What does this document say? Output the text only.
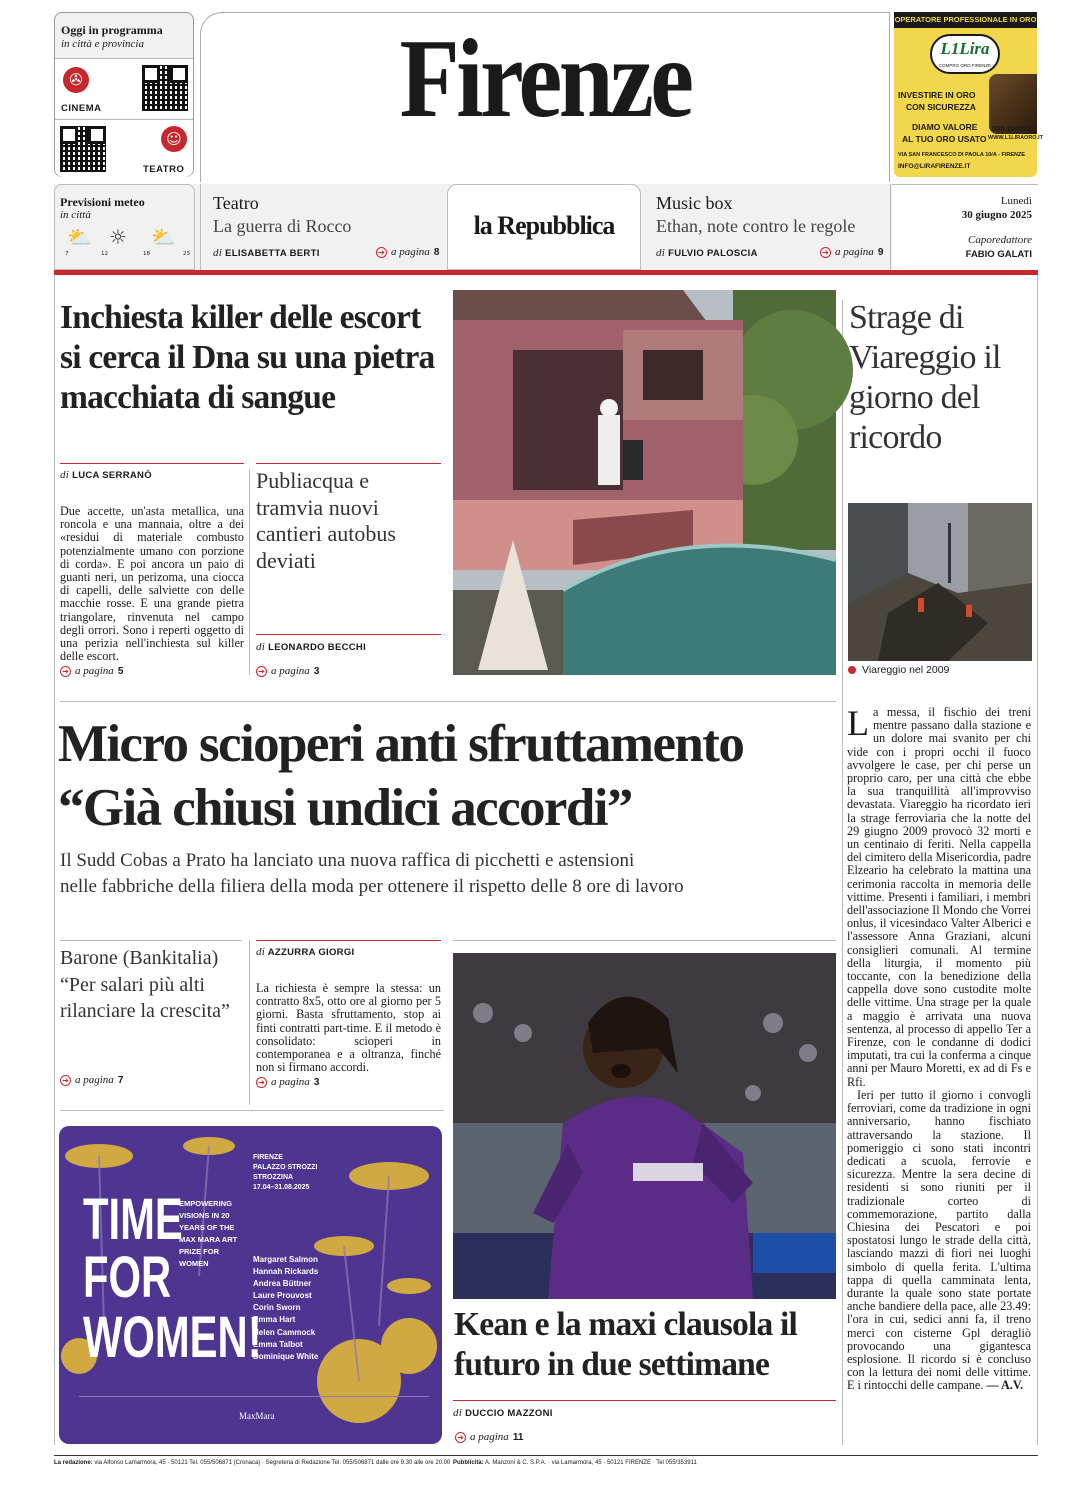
Oggi in programma
in città e provincia
✇
CINEMA
☺
TEATRO
Firenze	OPERATORE PROFESSIONALE IN ORO
L1Lira
COMPRO ORO FIRENZE
INVESTIRE IN ORO
CON SICUREZZA
DIAMO VALORE
AL TUO ORO USATO
055 224112
WWW.L1LIRAORO.IT
VIA SAN FRANCESCO DI PAOLA 10/A - FIRENZE
INFO@LIRAFIRENZE.IT
Previsioni meteo
in città
⛅ ☼ ⛅
7	12	18	23
Teatro
La guerra di Rocco
di ELISABETTA BERTI	➔ a pagina 8
la Repubblica
Music box
Ethan, note contro le regole
di FULVIO PALOSCIA	➔ a pagina 9
Lunedì
30 giugno 2025
Caporedattore
FABIO GALATI
Inchiesta killer delle escort si cerca il Dna su una pietra macchiata di sangue
di LUCA SERRANÒ
Due accette, un'asta metallica, una roncola e una mannaia, oltre a dei «residui di materiale combusto potenzialmente umano con porzione di corda». E poi ancora un paio di guanti neri, un perizoma, una ciocca di capelli, delle salviette con delle macchie rosse. E una grande pietra triangolare, rinvenuta nel campo degli orrori. Sono i reperti oggetto di una perizia nell'inchiesta sul killer delle escort.
➔ a pagina 5
Publiacqua e tramvia nuovi cantieri autobus deviati
di LEONARDO BECCHI
➔ a pagina 3
Strage di Viareggio il giorno del ricordo
Viareggio nel 2009
L a messa, il fischio dei treni mentre passano dalla stazione e un dolore mai svanito per chi vide con i propri occhi il fuoco avvolgere le case, per chi perse un proprio caro, per una città che ebbe la sua tranquillità all'improvviso devastata. Viareggio ha ricordato ieri la strage ferroviaria che la notte del 29 giugno 2009 provocò 32 morti e un centinaio di feriti. Nella cappella del cimitero della Misericordia, padre Elzeario ha celebrato la mattina una cerimonia raccolta in memoria delle vittime. Presenti i familiari, i membri dell'associazione Il Mondo che Vorrei onlus, il vicesindaco Valter Alberici e l'assessore Anna Graziani, alcuni consiglieri comunali. Al termine della liturgia, il momento più toccante, con la benedizione della cappella dove sono custodite molte delle vittime. Una strage per la quale a maggio è arrivata una nuova sentenza, al processo di appello Ter a Firenze, con le condanne di dodici imputati, tra cui la conferma a cinque anni per Mauro Moretti, ex ad di Fs e Rfi.
Ieri per tutto il giorno i convogli ferroviari, come da tradizione in ogni anniversario, hanno fischiato attraversando la stazione. Il pomeriggio ci sono stati incontri dedicati a scuola, ferrovie e sicurezza. Mentre la sera decine di residenti si sono riuniti per il tradizionale corteo di commemorazione, partito dalla Chiesina dei Pescatori e poi spostatosi lungo le strade della città, lasciando mazzi di fiori nei luoghi simbolo di quella ferita. L'ultima tappa di quella camminata lenta, durante la quale sono state portate anche bandiere della pace, alle 23.49: l'ora in cui, sedici anni fa, il treno merci con cisterne Gpl deragliò provocando una gigantesca esplosione. Il ricordo si è concluso con la lettura dei nomi delle vittime. E i rintocchi delle campane. — A.V.
Micro scioperi anti sfruttamento
“Già chiusi undici accordi”
Il Sudd Cobas a Prato ha lanciato una nuova raffica di picchetti e astensioni
nelle fabbriche della filiera della moda per ottenere il rispetto delle 8 ore di lavoro
Barone (Bankitalia) “Per salari più alti rilanciare la crescita”
➔ a pagina 7
di AZZURRA GIORGI
La richiesta è sempre la stessa: un contratto 8x5, otto ore al giorno per 5 giorni. Basta sfruttamento, stop ai finti contratti part-time. E il metodo è consolidato: scioperi in contemporanea e a oltranza, finché non si firmano accordi.
➔ a pagina 3
FIRENZE
PALAZZO STROZZI
STROZZINA
17.04–31.08.2025
TIME
FOR
WOMEN!
EMPOWERING VISIONS IN 20 YEARS OF THE MAX MARA ART PRIZE FOR WOMEN	Margaret Salmon
Hannah Rickards
Andrea Büttner
Laure Prouvost
Corin Sworn
Emma Hart
Helen Cammock
Emma Talbot
Dominique White
MaxMara
Kean e la maxi clausola il futuro in due settimane
di DUCCIO MAZZONI
➔ a pagina 11
La redazione: via Alfonso Lamarmora, 45 · 50121 Tel. 055/506871 (Cronaca) · Segreteria di Redazione Tel. 055/506871 dalle ore 9.30 alle ore 20.00 Pubblicità: A. Manzoni & C. S.P.A. · via Lamarmora, 45 · 50121 FIRENZE · Tel 055/353911
